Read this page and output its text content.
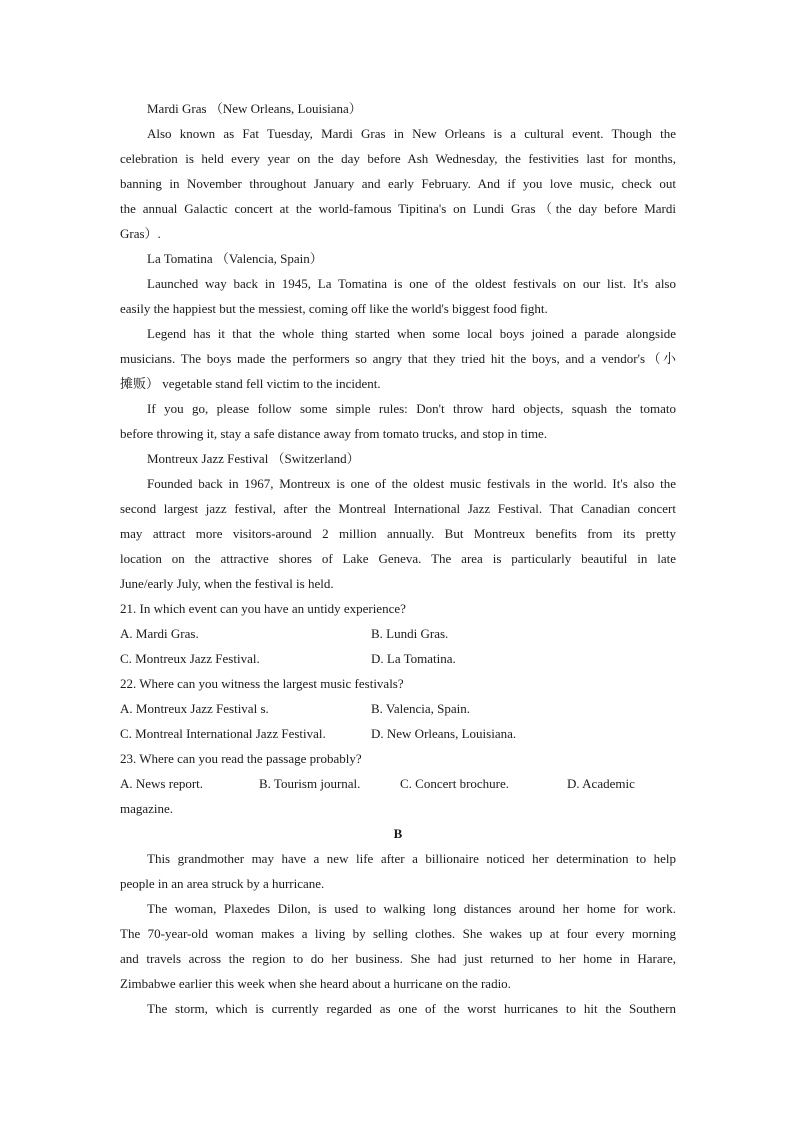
Mardi Gras （New Orleans, Louisiana）
Also known as Fat Tuesday, Mardi Gras in New Orleans is a cultural event. Though the
celebration is held every year on the day before Ash Wednesday, the festivities last for months,
banning in November throughout January and early February. And if you love music, check out
the annual Galactic concert at the world-famous Tipitina's on Lundi Gras（the day before Mardi
Gras）.
La Tomatina （Valencia, Spain）
Launched way back in 1945, La Tomatina is one of the oldest festivals on our list. It's also
easily the happiest but the messiest, coming off like the world's biggest food fight.
Legend has it that the whole thing started when some local boys joined a parade alongside
musicians. The boys made the performers so angry that they tried hit the boys, and a vendor's（小
摊贩） vegetable stand fell victim to the incident.
If you go, please follow some simple rules: Don't throw hard objects, squash the tomato
before throwing it, stay a safe distance away from tomato trucks, and stop in time.
Montreux Jazz Festival （Switzerland）
Founded back in 1967, Montreux is one of the oldest music festivals in the world. It's also the
second largest jazz festival, after the Montreal International Jazz Festival. That Canadian concert
may attract more visitors-around 2 million annually. But Montreux benefits from its pretty
location on the attractive shores of Lake Geneva. The area is particularly beautiful in late
June/early July, when the festival is held.
21. In which event can you have an untidy experience?
A. Mardi Gras.	B. Lundi Gras.
C. Montreux Jazz Festival.	D. La Tomatina.
22. Where can you witness the largest music festivals?
A. Montreux Jazz Festival s.	B. Valencia, Spain.
C. Montreal International Jazz Festival.	D. New Orleans, Louisiana.
23. Where can you read the passage probably?
A. News report.	B. Tourism journal.	C. Concert brochure.	D. Academic
magazine.
B
This grandmother may have a new life after a billionaire noticed her determination to help
people in an area struck by a hurricane.
The woman, Plaxedes Dilon, is used to walking long distances around her home for work.
The 70-year-old woman makes a living by selling clothes. She wakes up at four every morning
and travels across the region to do her business. She had just returned to her home in Harare,
Zimbabwe earlier this week when she heard about a hurricane on the radio.
The storm, which is currently regarded as one of the worst hurricanes to hit the Southern
